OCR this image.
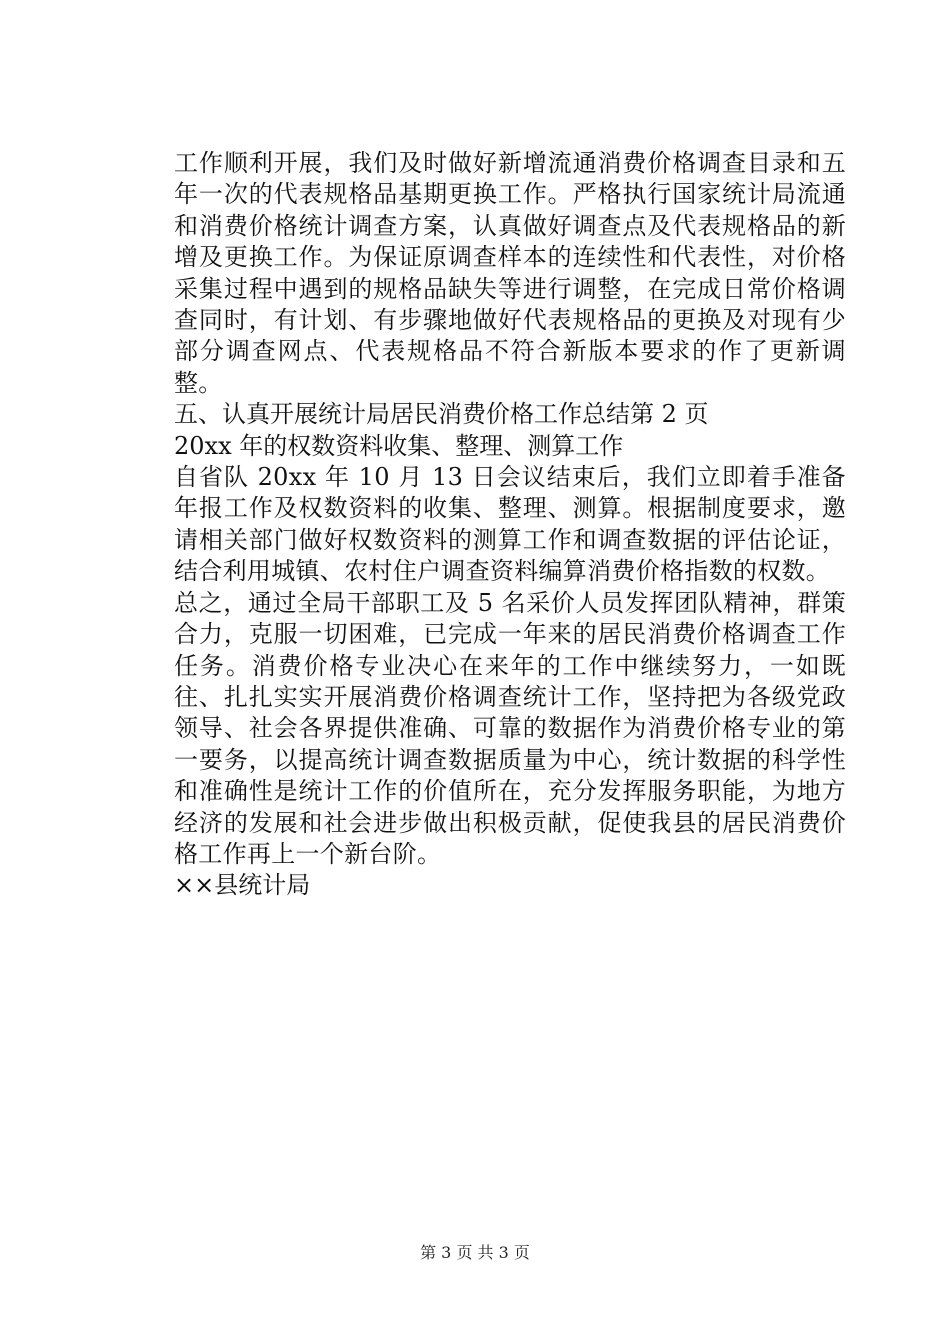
工作顺利开展，我们及时做好新增流通消费价格调查目录和五年一次的代表规格品基期更换工作。严格执行国家统计局流通和消费价格统计调查方案，认真做好调查点及代表规格品的新增及更换工作。为保证原调查样本的连续性和代表性，对价格采集过程中遇到的规格品缺失等进行调整，在完成日常价格调查同时，有计划、有步骤地做好代表规格品的更换及对现有少部分调查网点、代表规格品不符合新版本要求的作了更新调整。

五、认真开展统计局居民消费价格工作总结第 2 页

20xx 年的权数资料收集、整理、测算工作

自省队 20xx 年 10 月 13 日会议结束后，我们立即着手准备年报工作及权数资料的收集、整理、测算。根据制度要求，邀请相关部门做好权数资料的测算工作和调查数据的评估论证，结合利用城镇、农村住户调查资料编算消费价格指数的权数。

总之，通过全局干部职工及 5 名采价人员发挥团队精神，群策合力，克服一切困难，已完成一年来的居民消费价格调查工作任务。消费价格专业决心在来年的工作中继续努力，一如既往、扎扎实实开展消费价格调查统计工作，坚持把为各级党政领导、社会各界提供准确、可靠的数据作为消费价格专业的第一要务，以提高统计调查数据质量为中心，统计数据的科学性和准确性是统计工作的价值所在，充分发挥服务职能，为地方经济的发展和社会进步做出积极贡献，促使我县的居民消费价格工作再上一个新台阶。

××县统计局

第 3 页 共 3 页
